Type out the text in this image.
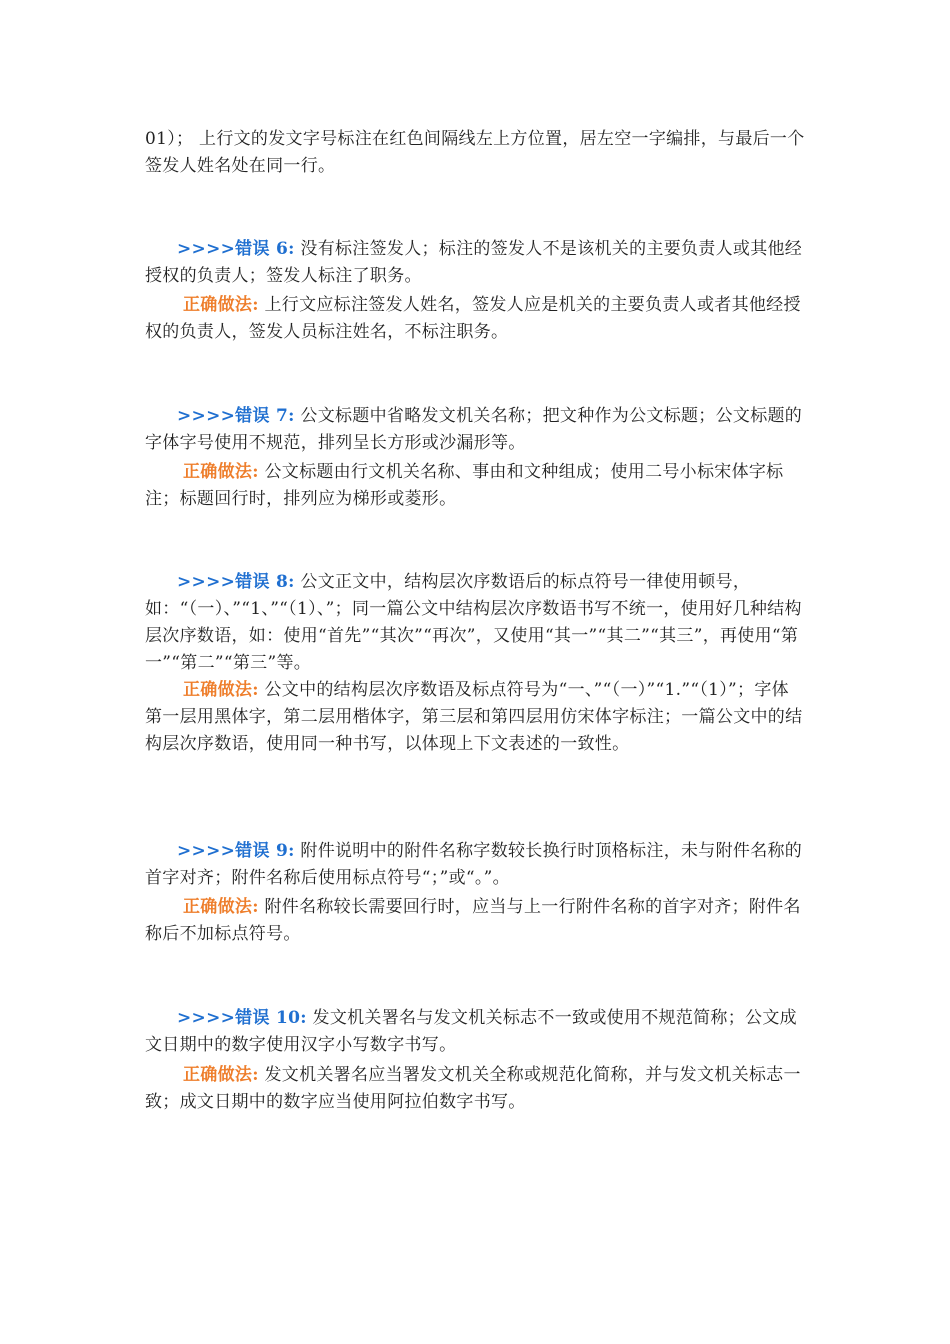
01）； 上行文的发文字号标注在红色间隔线左上方位置，居左空一字编排，与最后一个签发人姓名处在同一行。

>>>>错误 6: 没有标注签发人；标注的签发人不是该机关的主要负责人或其他经授权的负责人；签发人标注了职务。

正确做法: 上行文应标注签发人姓名，签发人应是机关的主要负责人或者其他经授权的负责人，签发人员标注姓名，不标注职务。

>>>>错误 7: 公文标题中省略发文机关名称；把文种作为公文标题；公文标题的字体字号使用不规范，排列呈长方形或沙漏形等。

正确做法: 公文标题由行文机关名称、事由和文种组成；使用二号小标宋体字标注；标题回行时，排列应为梯形或菱形。

>>>>错误 8: 公文正文中，结构层次序数语后的标点符号一律使用顿号，如：“（一）、”“1、”“（1）、”；同一篇公文中结构层次序数语书写不统一，使用好几种结构层次序数语，如：使用“首先”“其次”“再次”，又使用“其一”“其二”“其三”，再使用“第一”“第二”“第三”等。

正确做法: 公文中的结构层次序数语及标点符号为“一、”“（一）”“1.”“（1）”；字体第一层用黑体字，第二层用楷体字，第三层和第四层用仿宋体字标注；一篇公文中的结构层次序数语，使用同一种书写，以体现上下文表述的一致性。

>>>>错误 9: 附件说明中的附件名称字数较长换行时顶格标注，未与附件名称的首字对齐；附件名称后使用标点符号“；”或“。”。

正确做法: 附件名称较长需要回行时，应当与上一行附件名称的首字对齐；附件名称后不加标点符号。

>>>>错误 10: 发文机关署名与发文机关标志不一致或使用不规范简称；公文成文日期中的数字使用汉字小写数字书写。

正确做法: 发文机关署名应当署发文机关全称或规范化简称，并与发文机关标志一致；成文日期中的数字应当使用阿拉伯数字书写。
